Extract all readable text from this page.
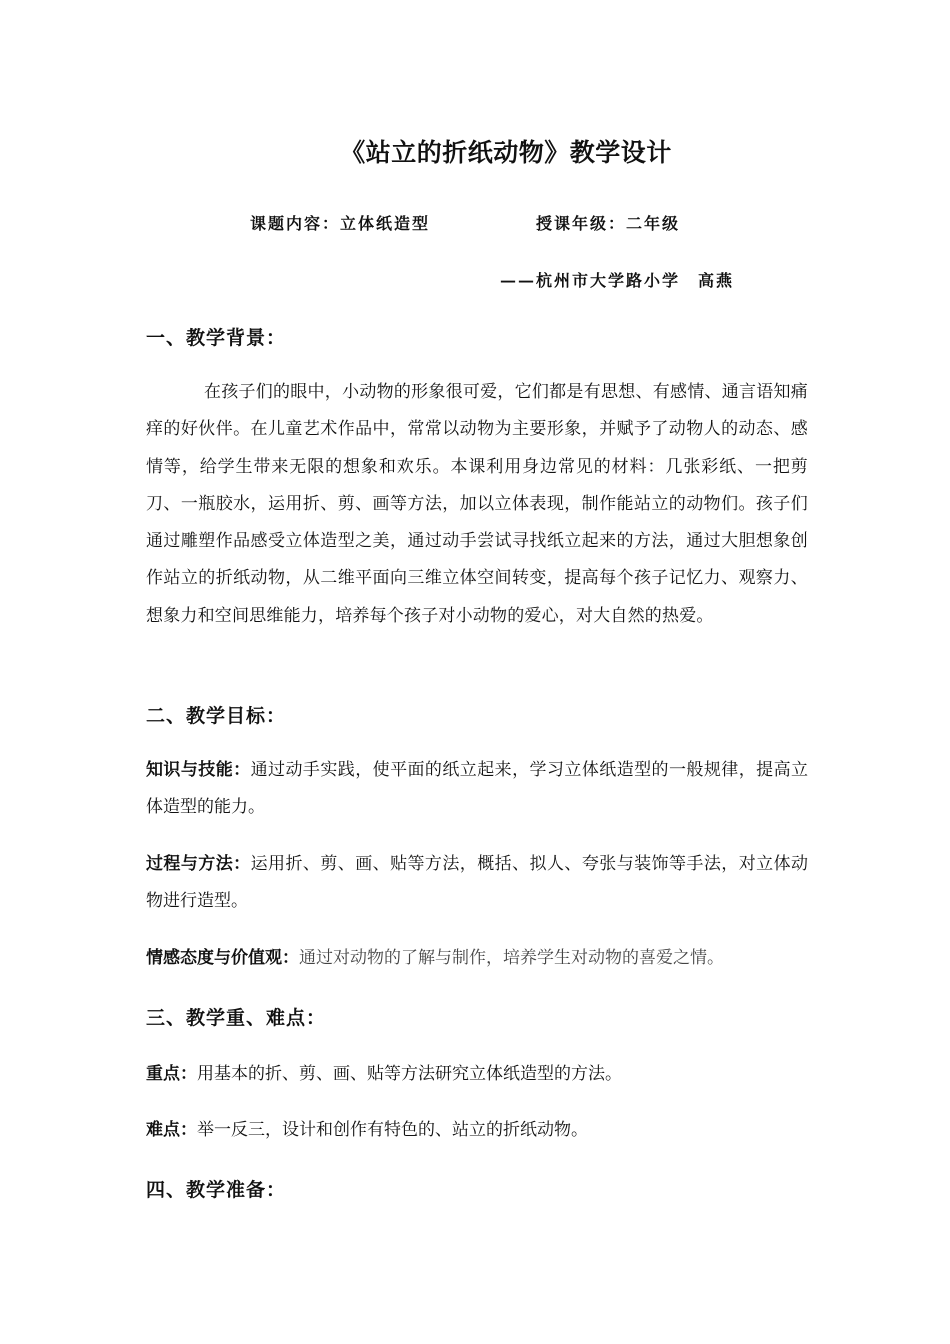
《站立的折纸动物》教学设计
课题内容：立体纸造型	授课年级：二年级
——杭州市大学路小学　高燕
一、教学背景：
在孩子们的眼中，小动物的形象很可爱，它们都是有思想、有感情、通言语知痛痒的好伙伴。在儿童艺术作品中，常常以动物为主要形象，并赋予了动物人的动态、感情等，给学生带来无限的想象和欢乐。本课利用身边常见的材料：几张彩纸、一把剪刀、一瓶胶水，运用折、剪、画等方法，加以立体表现，制作能站立的动物们。孩子们通过雕塑作品感受立体造型之美，通过动手尝试寻找纸立起来的方法，通过大胆想象创作站立的折纸动物，从二维平面向三维立体空间转变，提高每个孩子记忆力、观察力、想象力和空间思维能力，培养每个孩子对小动物的爱心，对大自然的热爱。
二、教学目标：
知识与技能：通过动手实践，使平面的纸立起来，学习立体纸造型的一般规律，提高立体造型的能力。
过程与方法：运用折、剪、画、贴等方法，概括、拟人、夸张与装饰等手法，对立体动物进行造型。
情感态度与价值观：通过对动物的了解与制作，培养学生对动物的喜爱之情。
三、教学重、难点：
重点：用基本的折、剪、画、贴等方法研究立体纸造型的方法。
难点：举一反三，设计和创作有特色的、站立的折纸动物。
四、教学准备：
